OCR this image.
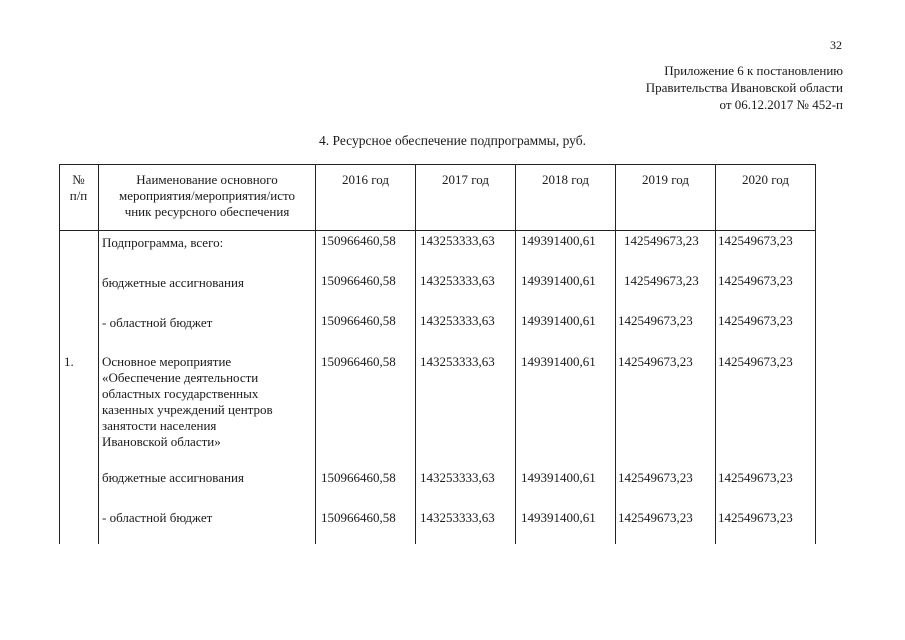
32
Приложение 6 к постановлению
Правительства Ивановской области
от 06.12.2017 № 452-п
4. Ресурсное обеспечение подпрограммы, руб.
№
п/п
Наименование основного
мероприятия/мероприятия/исто
чник ресурсного обеспечения
2016 год	2017 год	2018 год	2019 год	2020 год
Подпрограмма, всего:	150966460,58 143253333,63 149391400,61 142549673,23 142549673,23
бюджетные ассигнования	150966460,58 143253333,63 149391400,61 142549673,23 142549673,23
- областной бюджет	150966460,58 143253333,63 149391400,61 142549673,23 142549673,23
1. Основное мероприятие
«Обеспечение деятельности
областных государственных
казенных учреждений центров
занятости населения
Ивановской области»
150966460,58 143253333,63 149391400,61 142549673,23 142549673,23
бюджетные ассигнования	150966460,58 143253333,63 149391400,61 142549673,23 142549673,23
- областной бюджет	150966460,58 143253333,63 149391400,61 142549673,23 142549673,23
